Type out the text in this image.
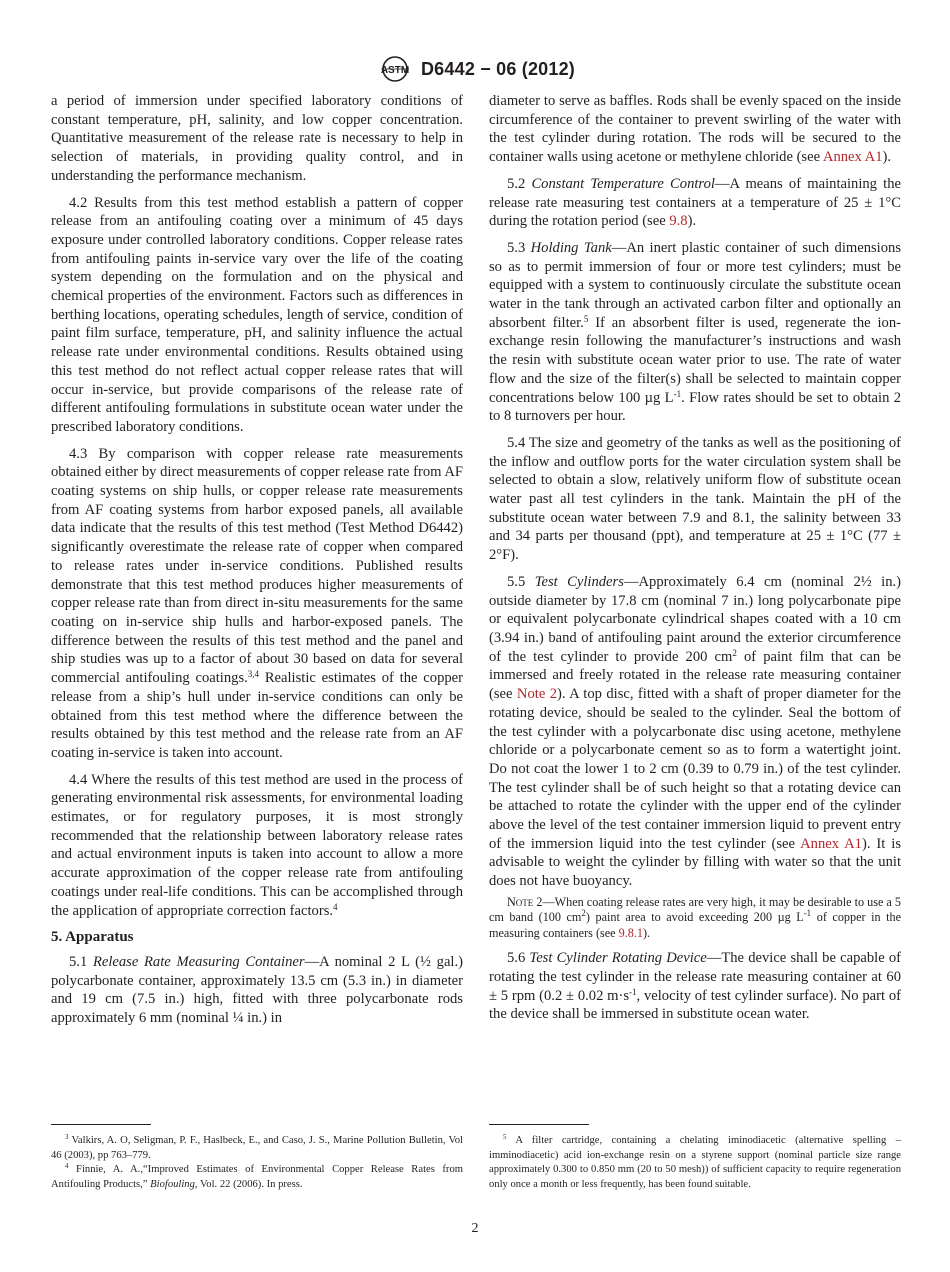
ASTM D6442 − 06 (2012)

a period of immersion under specified laboratory conditions of constant temperature, pH, salinity, and low copper concentration. Quantitative measurement of the release rate is necessary to help in selection of materials, in providing quality control, and in understanding the performance mechanism.

4.2 Results from this test method establish a pattern of copper release from an antifouling coating over a minimum of 45 days exposure under controlled laboratory conditions. Copper release rates from antifouling paints in-service vary over the life of the coating system depending on the formulation and on the physical and chemical properties of the environment. Factors such as differences in berthing locations, operating schedules, length of service, condition of paint film surface, temperature, pH, and salinity influence the actual release rate under environmental conditions. Results obtained using this test method do not reflect actual copper release rates that will occur in-service, but provide comparisons of the release rate of different antifouling formulations in substitute ocean water under the prescribed laboratory conditions.

4.3 By comparison with copper release rate measurements obtained either by direct measurements of copper release rate from AF coating systems on ship hulls, or copper release rate measurements from AF coating systems from harbor exposed panels, all available data indicate that the results of this test method (Test Method D6442) significantly overestimate the release rate of copper when compared to release rates under in-service conditions. Published results demonstrate that this test method produces higher measurements of copper release rate than from direct in-situ measurements for the same coating on in-service ship hulls and harbor-exposed panels. The difference between the results of this test method and the panel and ship studies was up to a factor of about 30 based on data for several commercial antifouling coatings.$^{3,4}$ Realistic estimates of the copper release from a ship’s hull under in-service conditions can only be obtained from this test method where the difference between the results obtained by this test method and the release rate from an AF coating in-service is taken into account.

4.4 Where the results of this test method are used in the process of generating environmental risk assessments, for environmental loading estimates, or for regulatory purposes, it is most strongly recommended that the relationship between laboratory release rates and actual environment inputs is taken into account to allow a more accurate approximation of the copper release rate from antifouling coatings under real-life conditions. This can be accomplished through the application of appropriate correction factors.$^4$

5. Apparatus

5.1 Release Rate Measuring Container—A nominal 2 L (½ gal.) polycarbonate container, approximately 13.5 cm (5.3 in.) in diameter and 19 cm (7.5 in.) high, fitted with three polycarbonate rods approximately 6 mm (nominal ¼ in.) in

diameter to serve as baffles. Rods shall be evenly spaced on the inside circumference of the container to prevent swirling of the water with the test cylinder during rotation. The rods will be secured to the container walls using acetone or methylene chloride (see Annex A1).

5.2 Constant Temperature Control—A means of maintaining the release rate measuring test containers at a temperature of 25 ± 1°C during the rotation period (see 9.8).

5.3 Holding Tank—An inert plastic container of such dimensions so as to permit immersion of four or more test cylinders; must be equipped with a system to continuously circulate the substitute ocean water in the tank through an activated carbon filter and optionally an absorbent filter.$^5$ If an absorbent filter is used, regenerate the ion-exchange resin following the manufacturer’s instructions and wash the resin with substitute ocean water prior to use. The rate of water flow and the size of the filter(s) shall be selected to maintain copper concentrations below 100 µg $L^{-1}$. Flow rates should be set to obtain 2 to 8 turnovers per hour.

5.4 The size and geometry of the tanks as well as the positioning of the inflow and outflow ports for the water circulation system shall be selected to obtain a slow, relatively uniform flow of substitute ocean water past all test cylinders in the tank. Maintain the pH of the substitute ocean water between 7.9 and 8.1, the salinity between 33 and 34 parts per thousand (ppt), and temperature at 25 ± 1°C (77 ± 2°F).

5.5 Test Cylinders—Approximately 6.4 cm (nominal 2½ in.) outside diameter by 17.8 cm (nominal 7 in.) long polycarbonate pipe or equivalent polycarbonate cylindrical shapes coated with a 10 cm (3.94 in.) band of antifouling paint around the exterior circumference of the test cylinder to provide 200 $cm^2$ of paint film that can be immersed and freely rotated in the release rate measuring container (see Note 2). A top disc, fitted with a shaft of proper diameter for the rotating device, should be sealed to the cylinder. Seal the bottom of the test cylinder with a polycarbonate disc using acetone, methylene chloride or a polycarbonate cement so as to form a watertight joint. Do not coat the lower 1 to 2 cm (0.39 to 0.79 in.) of the test cylinder. The test cylinder shall be of such height so that a rotating device can be attached to rotate the cylinder with the upper end of the cylinder above the level of the test container immersion liquid to prevent entry of the immersion liquid into the test cylinder (see Annex A1). It is advisable to weight the cylinder by filling with water so that the unit does not have buoyancy.

Note 2—When coating release rates are very high, it may be desirable to use a 5 cm band (100 $cm^2$) paint area to avoid exceeding 200 µg $L^{-1}$ of copper in the measuring containers (see 9.8.1).

5.6 Test Cylinder Rotating Device—The device shall be capable of rotating the test cylinder in the release rate measuring container at 60 ± 5 rpm (0.2 ± 0.02 $m\cdot s^{-1}$, velocity of test cylinder surface). No part of the device shall be immersed in substitute ocean water.

$^3$ Valkirs, A. O, Seligman, P. F., Haslbeck, E., and Caso, J. S., Marine Pollution Bulletin, Vol 46 (2003), pp 763–779.

$^4$ Finnie, A. A.,“Improved Estimates of Environmental Copper Release Rates from Antifouling Products,” Biofouling, Vol. 22 (2006). In press.

$^5$ A filter cartridge, containing a chelating iminodiacetic (alternative spelling – imminodiacetic) acid ion-exchange resin on a styrene support (nominal particle size range approximately 0.300 to 0.850 mm (20 to 50 mesh)) of sufficient capacity to require regeneration only once a month or less frequently, has been found suitable.

2
